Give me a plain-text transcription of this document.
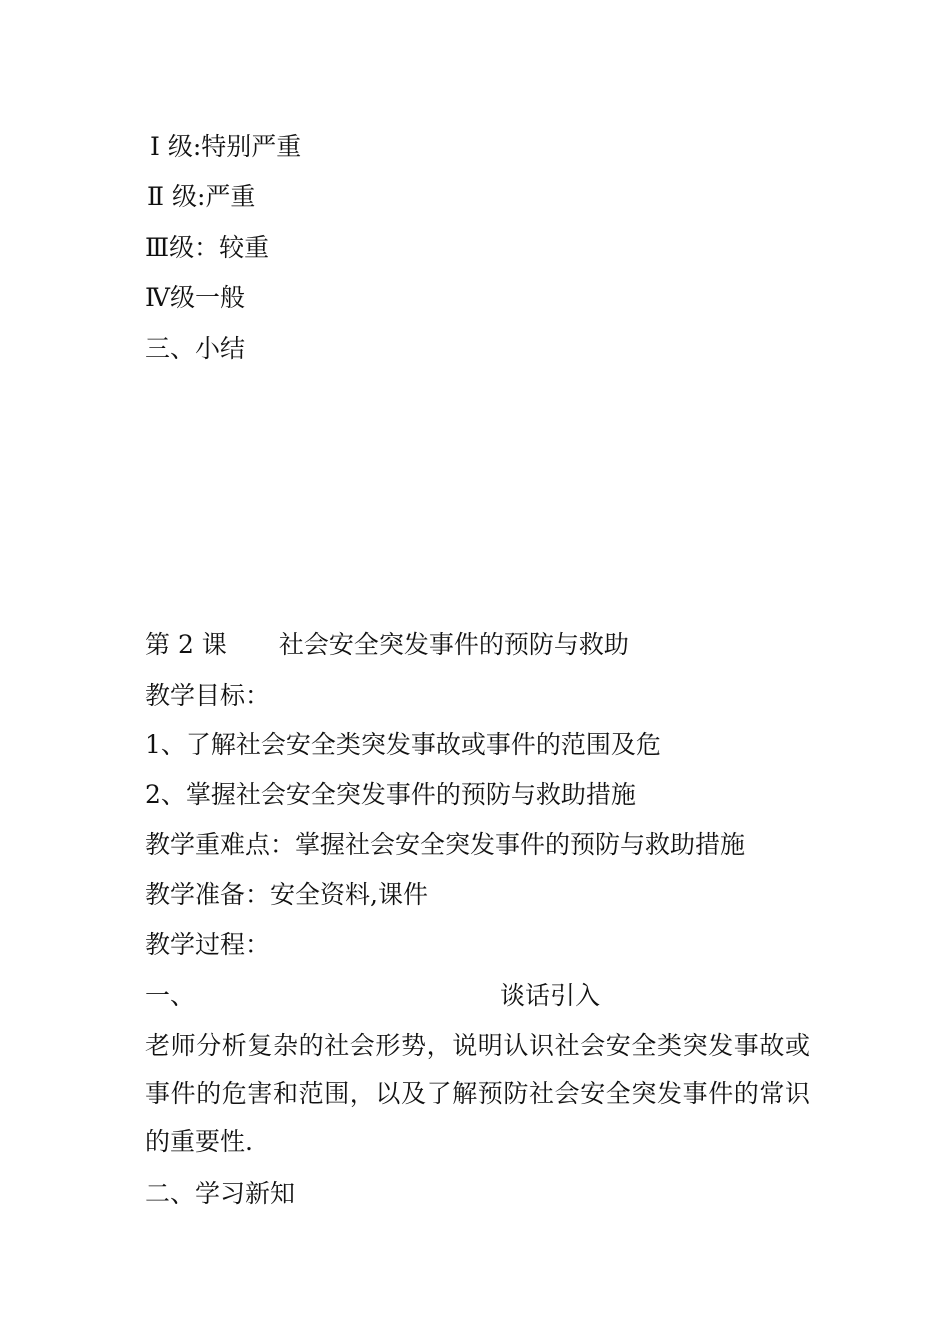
Ⅰ 级:特别严重

Ⅱ 级:严重

Ⅲ级：较重

Ⅳ级一般

三、小结

第 2 课 社会安全突发事件的预防与救助

教学目标：

1、了解社会安全类突发事故或事件的范围及危

2、掌握社会安全突发事件的预防与救助措施

教学重难点：掌握社会安全突发事件的预防与救助措施

教学准备：安全资料,课件

教学过程：

一、	谈话引入

老师分析复杂的社会形势，说明认识社会安全类突发事故或事件的危害和范围，以及了解预防社会安全突发事件的常识的重要性.

二、学习新知
